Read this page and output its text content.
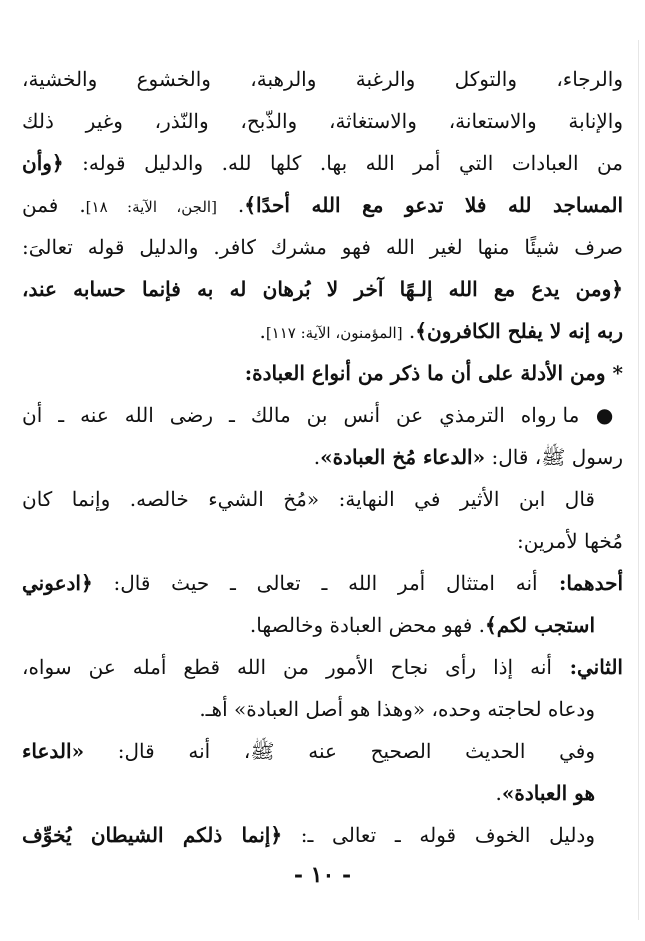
والرجاء، والتوكل والرغبة والرهبة، والخشوع والخشية،
والإنابة والاستعانة، والاستغاثة، والذّبح، والنّذر، وغير ذلك
من العبادات التي أمر الله بها. كلها لله. والدليل قوله: ﴿وأن
المساجد لله فلا تدعو مع الله أحدًا﴾. [الجن، الآية: ١٨]. فمن
صرف شيئًا منها لغير الله فهو مشرك كافر. والدليل قوله تعالىَ:
﴿ومن يدع مع الله إلـهًا آخر لا بُرهان له به فإنما حسابه عند،
ربه إنه لا يفلح الكافرون﴾. [المؤمنون، الآية: ١١٧].
* ومن الأدلة على أن ما ذكر من أنواع العبادة:
● ما رواه الترمذي عن أنس بن مالك ـ رضى الله عنه ـ أن
رسول ﷺ، قال: «الدعاء مُخ العبادة».
قال ابن الأثير في النهاية: «مُخ الشيء خالصه. وإنما كان
مُخها لأمرين:
أحدهما: أنه امتثال أمر الله ـ تعالى ـ حيث قال: ﴿ادعوني
استجب لكم﴾. فهو محض العبادة وخالصها.
الثاني: أنه إذا رأى نجاح الأمور من الله قطع أمله عن سواه،
ودعاه لحاجته وحده، «وهذا هو أصل العبادة» أهـ.
وفي الحديث الصحيح عنه ﷺ، أنه قال: «الدعاء
هو العبادة».
ودليل الخوف قوله ـ تعالى ـ: ﴿إنما ذلكم الشيطان يُخوِّف
- ١٠ -
